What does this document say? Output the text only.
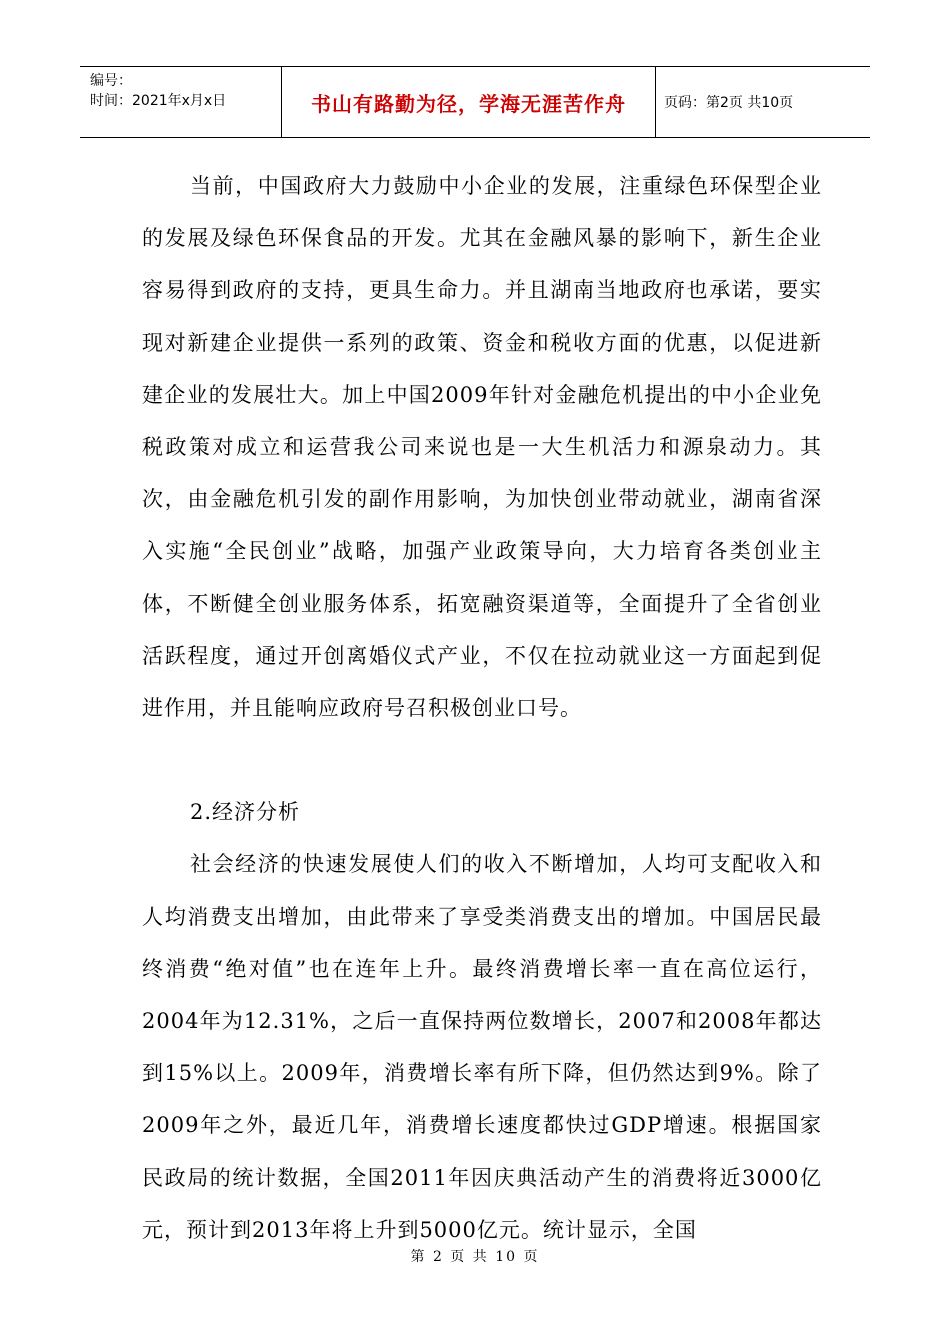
编号：
时间：2021年x月x日	书山有路勤为径，学海无涯苦作舟	页码：第2页 共10页

当前，中国政府大力鼓励中小企业的发展，注重绿色环保型企业的发展及绿色环保食品的开发。尤其在金融风暴的影响下，新生企业容易得到政府的支持，更具生命力。并且湖南当地政府也承诺，要实现对新建企业提供一系列的政策、资金和税收方面的优惠，以促进新建企业的发展壮大。加上中国2009年针对金融危机提出的中小企业免税政策对成立和运营我公司来说也是一大生机活力和源泉动力。其次，由金融危机引发的副作用影响，为加快创业带动就业，湖南省深入实施“全民创业”战略，加强产业政策导向，大力培育各类创业主体，不断健全创业服务体系，拓宽融资渠道等，全面提升了全省创业活跃程度，通过开创离婚仪式产业，不仅在拉动就业这一方面起到促进作用，并且能响应政府号召积极创业口号。

2.经济分析

社会经济的快速发展使人们的收入不断增加，人均可支配收入和人均消费支出增加，由此带来了享受类消费支出的增加。中国居民最终消费“绝对值”也在连年上升。最终消费增长率一直在高位运行，2004年为12.31%，之后一直保持两位数增长，2007和2008年都达到15%以上。2009年，消费增长率有所下降，但仍然达到9%。除了2009年之外，最近几年，消费增长速度都快过GDP增速。根据国家民政局的统计数据，全国2011年因庆典活动产生的消费将近3000亿元，预计到2013年将上升到5000亿元。统计显示，全国

第 2 页 共 10 页
